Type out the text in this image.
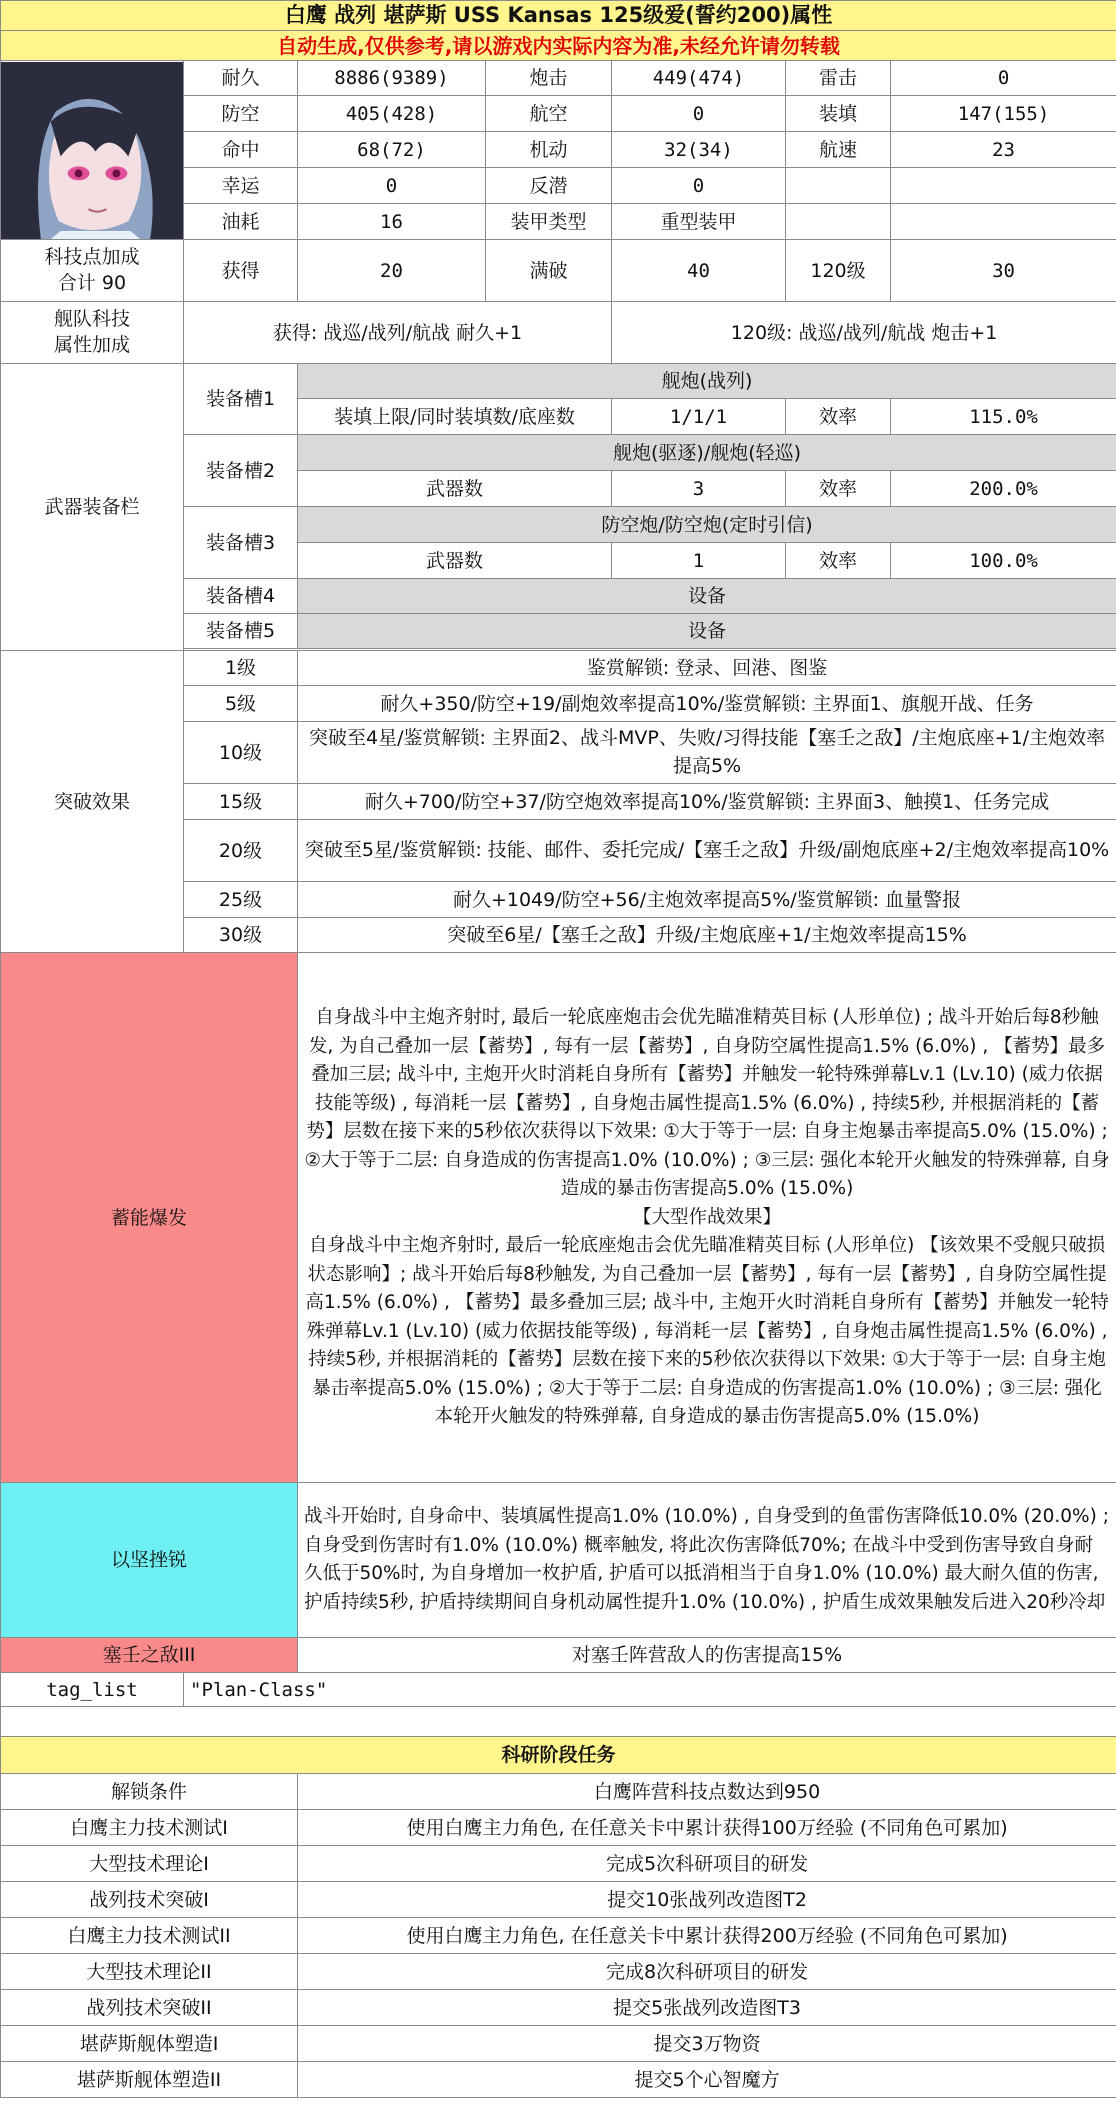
白鹰 战列 堪萨斯 USS Kansas 125级爱(誓约200)属性						
自动生成,仅供参考,请以游戏内实际内容为准,未经允许请勿转载						

	耐久	8886(9389)	炮击	449(474)	雷击	0
	防空	405(428)	航空	0	装填	147(155)
	命中	68(72)	机动	32(34)	航速	23
	幸运	0	反潜	0		
	油耗	16	装甲类型	重型装甲		
科技点加成
合计 90	获得	20	满破	40	120级	30
舰队科技
属性加成	获得: 战巡/战列/航战 耐久+1			120级: 战巡/战列/航战 炮击+1		
武器装备栏	装备槽1	舰炮(战列)				
		装填上限/同时装填数/底座数		1/1/1	效率	115.0%
	装备槽2	舰炮(驱逐)/舰炮(轻巡)				
		武器数		3	效率	200.0%
	装备槽3	防空炮/防空炮(定时引信)				
		武器数		1	效率	100.0%
	装备槽4	设备				
	装备槽5	设备				

突破效果	1级	鉴赏解锁: 登录、回港、图鉴				
	5级	耐久+350/防空+19/副炮效率提高10%/鉴赏解锁: 主界面1、旗舰开战、任务				
	10级	突破至4星/鉴赏解锁: 主界面2、战斗MVP、失败/习得技能【塞壬之敌】/主炮底座+1/主炮效率提高5%				
	15级	耐久+700/防空+37/防空炮效率提高10%/鉴赏解锁: 主界面3、触摸1、任务完成				
	20级	突破至5星/鉴赏解锁: 技能、邮件、委托完成/【塞壬之敌】升级/副炮底座+2/主炮效率提高10%				
	25级	耐久+1049/防空+56/主炮效率提高5%/鉴赏解锁: 血量警报				
	30级	突破至6星/【塞壬之敌】升级/主炮底座+1/主炮效率提高15%				
蓄能爆发		自身战斗中主炮齐射时, 最后一轮底座炮击会优先瞄准精英目标 (人形单位) ; 战斗开始后每8秒触发, 为自己叠加一层【蓄势】, 每有一层【蓄势】, 自身防空属性提高1.5% (6.0%) , 【蓄势】最多叠加三层; 战斗中, 主炮开火时消耗自身所有【蓄势】并触发一轮特殊弹幕Lv.1 (Lv.10) (威力依据技能等级) , 每消耗一层【蓄势】, 自身炮击属性提高1.5% (6.0%) , 持续5秒, 并根据消耗的【蓄势】层数在接下来的5秒依次获得以下效果: ①大于等于一层: 自身主炮暴击率提高5.0% (15.0%) ; ②大于等于二层: 自身造成的伤害提高1.0% (10.0%) ; ③三层: 强化本轮开火触发的特殊弹幕, 自身造成的暴击伤害提高5.0% (15.0%)
【大型作战效果】
自身战斗中主炮齐射时, 最后一轮底座炮击会优先瞄准精英目标 (人形单位) 【该效果不受舰只破损状态影响】; 战斗开始后每8秒触发, 为自己叠加一层【蓄势】, 每有一层【蓄势】, 自身防空属性提高1.5% (6.0%) , 【蓄势】最多叠加三层; 战斗中, 主炮开火时消耗自身所有【蓄势】并触发一轮特殊弹幕Lv.1 (Lv.10) (威力依据技能等级) , 每消耗一层【蓄势】, 自身炮击属性提高1.5% (6.0%) , 持续5秒, 并根据消耗的【蓄势】层数在接下来的5秒依次获得以下效果: ①大于等于一层: 自身主炮暴击率提高5.0% (15.0%) ; ②大于等于二层: 自身造成的伤害提高1.0% (10.0%) ; ③三层: 强化本轮开火触发的特殊弹幕, 自身造成的暴击伤害提高5.0% (15.0%)				

以坚挫锐		战斗开始时, 自身命中、装填属性提高1.0% (10.0%) , 自身受到的鱼雷伤害降低10.0% (20.0%) ; 自身受到伤害时有1.0% (10.0%) 概率触发, 将此次伤害降低70%; 在战斗中受到伤害导致自身耐久低于50%时, 为自身增加一枚护盾, 护盾可以抵消相当于自身1.0% (10.0%) 最大耐久值的伤害, 护盾持续5秒, 护盾持续期间自身机动属性提升1.0% (10.0%) , 护盾生成效果触发后进入20秒冷却				
塞壬之敌III		对塞壬阵营敌人的伤害提高15%				
tag_list	"Plan-Class"					

科研阶段任务						
解锁条件		白鹰阵营科技点数达到950				
白鹰主力技术测试I		使用白鹰主力角色, 在任意关卡中累计获得100万经验 (不同角色可累加)				
大型技术理论I		完成5次科研项目的研发				
战列技术突破I		提交10张战列改造图T2				
白鹰主力技术测试II		使用白鹰主力角色, 在任意关卡中累计获得200万经验 (不同角色可累加)				
大型技术理论II		完成8次科研项目的研发				
战列技术突破II		提交5张战列改造图T3				
堪萨斯舰体塑造I		提交3万物资				
堪萨斯舰体塑造II		提交5个心智魔方				
